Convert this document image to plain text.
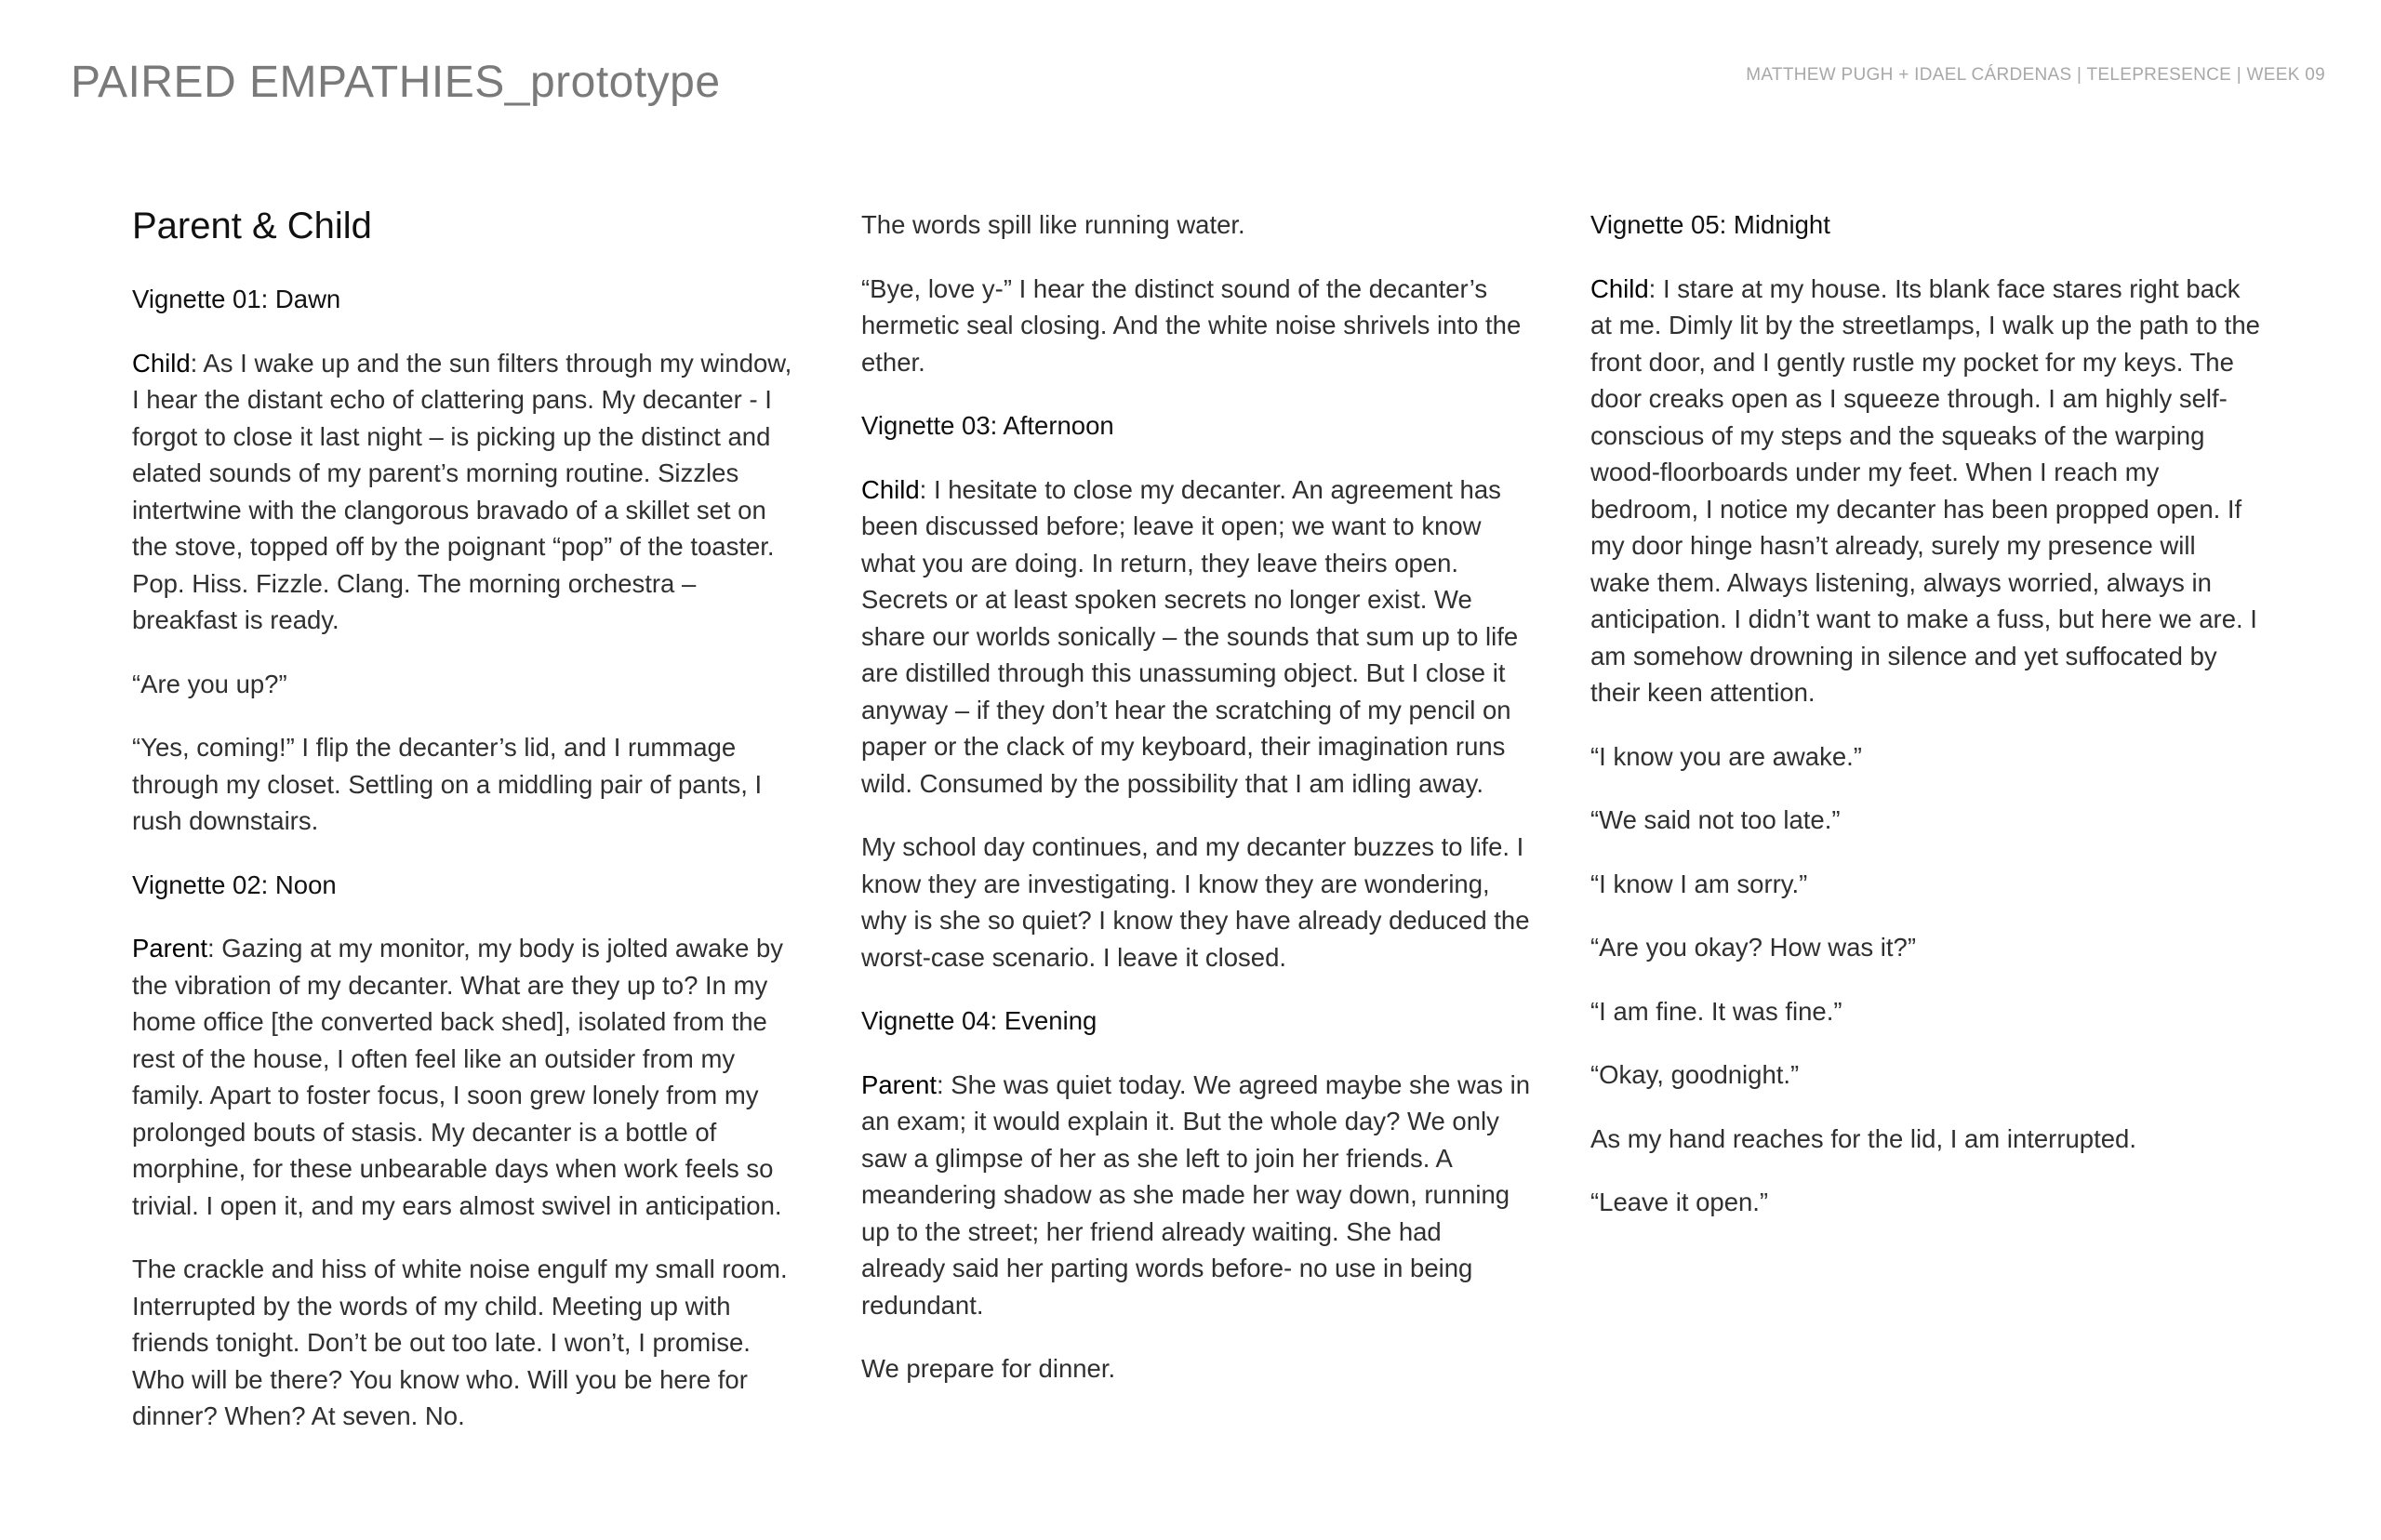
PAIRED EMPATHIES_prototype	MATTHEW PUGH + IDAEL CÁRDENAS | TELEPRESENCE | WEEK 09
Parent & Child
Vignette 01: Dawn

Child: As I wake up and the sun filters through my window, I hear the distant echo of clattering pans. My decanter - I forgot to close it last night – is picking up the distinct and elated sounds of my parent’s morning routine. Sizzles intertwine with the clangorous bravado of a skillet set on the stove, topped off by the poignant “pop” of the toaster. Pop. Hiss. Fizzle. Clang. The morning orchestra – breakfast is ready.

“Are you up?”

“Yes, coming!” I flip the decanter’s lid, and I rummage through my closet. Settling on a middling pair of pants, I rush downstairs.

Vignette 02: Noon

Parent: Gazing at my monitor, my body is jolted awake by the vibration of my decanter. What are they up to? In my home office [the converted back shed], isolated from the rest of the house, I often feel like an outsider from my family. Apart to foster focus, I soon grew lonely from my prolonged bouts of stasis. My decanter is a bottle of morphine, for these unbearable days when work feels so trivial. I open it, and my ears almost swivel in anticipation.

The crackle and hiss of white noise engulf my small room. Interrupted by the words of my child. Meeting up with friends tonight. Don’t be out too late. I won’t, I promise. Who will be there? You know who. Will you be here for dinner? When? At seven. No.

The words spill like running water.

“Bye, love y-” I hear the distinct sound of the decanter’s hermetic seal closing. And the white noise shrivels into the ether.

Vignette 03: Afternoon

Child: I hesitate to close my decanter. An agreement has been discussed before; leave it open; we want to know what you are doing. In return, they leave theirs open. Secrets or at least spoken secrets no longer exist. We share our worlds sonically – the sounds that sum up to life are distilled through this unassuming object. But I close it anyway – if they don’t hear the scratching of my pencil on paper or the clack of my keyboard, their imagination runs wild. Consumed by the possibility that I am idling away.

My school day continues, and my decanter buzzes to life. I know they are investigating. I know they are wondering, why is she so quiet? I know they have already deduced the worst-case scenario. I leave it closed.

Vignette 04: Evening

Parent: She was quiet today. We agreed maybe she was in an exam; it would explain it. But the whole day? We only saw a glimpse of her as she left to join her friends. A meandering shadow as she made her way down, running up to the street; her friend already waiting. She had already said her parting words before- no use in being redundant.

We prepare for dinner.

Vignette 05: Midnight

Child: I stare at my house. Its blank face stares right back at me. Dimly lit by the streetlamps, I walk up the path to the front door, and I gently rustle my pocket for my keys. The door creaks open as I squeeze through. I am highly self-conscious of my steps and the squeaks of the warping wood-floorboards under my feet. When I reach my bedroom, I notice my decanter has been propped open. If my door hinge hasn’t already, surely my presence will wake them. Always listening, always worried, always in anticipation. I didn’t want to make a fuss, but here we are. I am somehow drowning in silence and yet suffocated by their keen attention.

“I know you are awake.”

“We said not too late.”

“I know I am sorry.”

“Are you okay? How was it?”

“I am fine. It was fine.”

“Okay, goodnight.”

As my hand reaches for the lid, I am interrupted.

“Leave it open.”
